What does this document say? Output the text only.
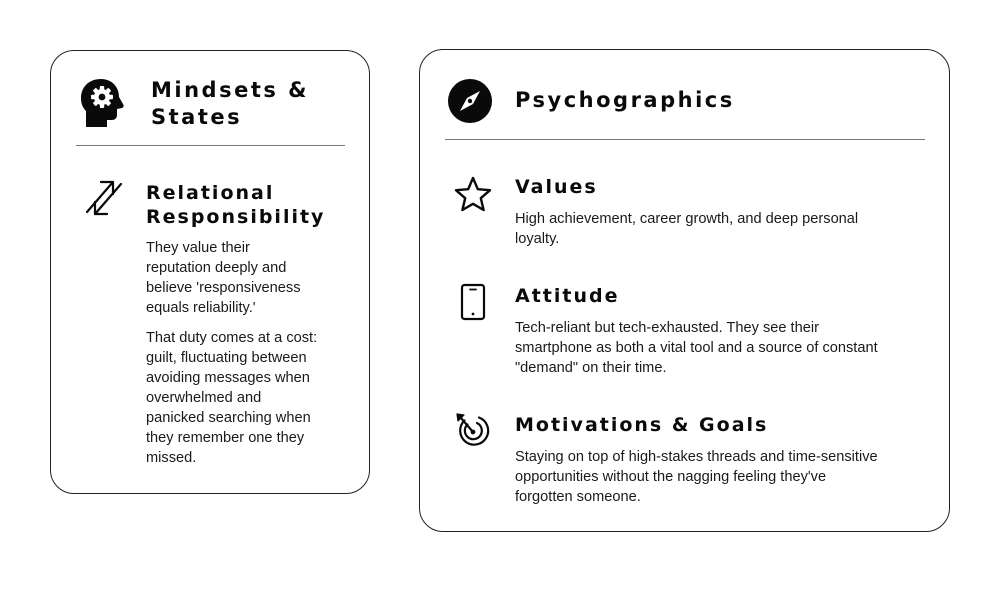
Mindsets &
States
Relational
Responsibility
They value their
reputation deeply and
believe 'responsiveness
equals reliability.'
That duty comes at a cost:
guilt, fluctuating between
avoiding messages when
overwhelmed and
panicked searching when
they remember one they
missed.
Psychographics
Values
High achievement, career growth, and deep personal
loyalty.
Attitude
Tech-reliant but tech-exhausted. They see their
smartphone as both a vital tool and a source of constant
"demand" on their time.
Motivations & Goals
Staying on top of high-stakes threads and time-sensitive
opportunities without the nagging feeling they've
forgotten someone.
